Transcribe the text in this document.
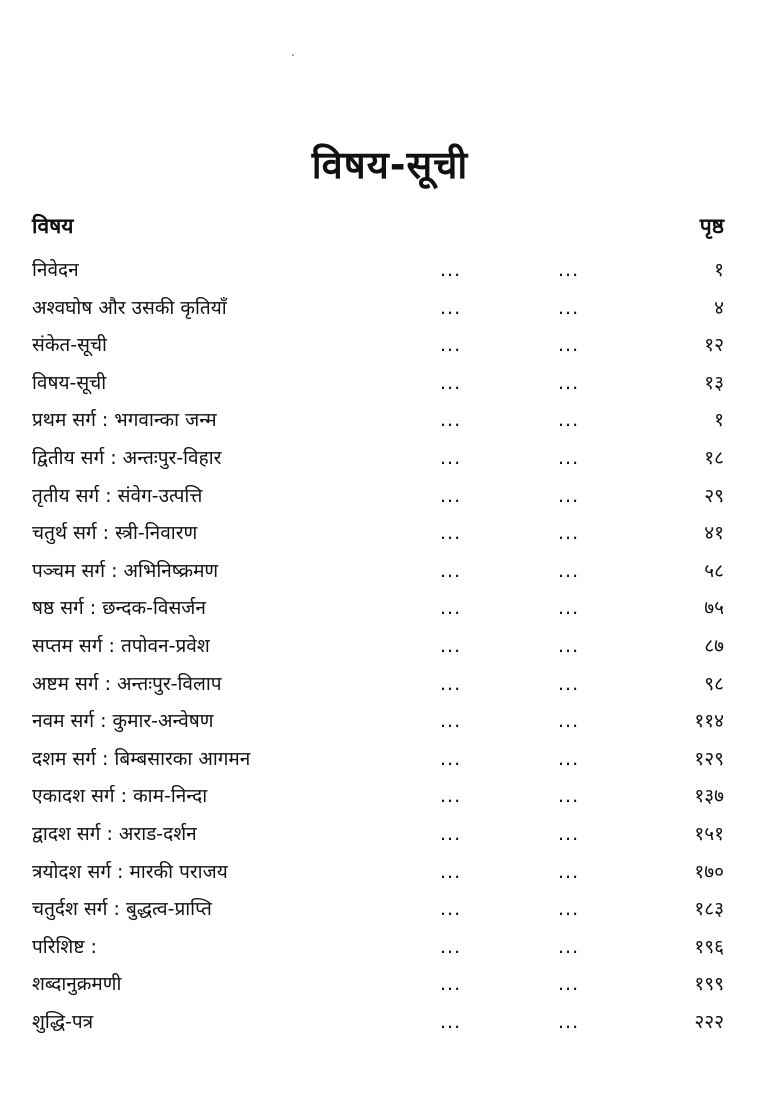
विषय-सूची
विषय	पृष्ठ
निवेदन	...	...	१
अश्वघोष और उसकी कृतियाँ	...	...	४
संकेत-सूची	...	...	१२
विषय-सूची	...	...	१३
प्रथम सर्ग : भगवान्का जन्म	...	...	१
द्वितीय सर्ग : अन्तःपुर-विहार	...	...	१८
तृतीय सर्ग : संवेग-उत्पत्ति	...	...	२९
चतुर्थ सर्ग : स्त्री-निवारण	...	...	४१
पञ्चम सर्ग : अभिनिष्क्रमण	...	...	५८
षष्ठ सर्ग : छन्दक-विसर्जन	...	...	७५
सप्तम सर्ग : तपोवन-प्रवेश	...	...	८७
अष्टम सर्ग : अन्तःपुर-विलाप	...	...	९८
नवम सर्ग : कुमार-अन्वेषण	...	...	११४
दशम सर्ग : बिम्बसारका आगमन	...	...	१२९
एकादश सर्ग : काम-निन्दा	...	...	१३७
द्वादश सर्ग : अराड-दर्शन	...	...	१५१
त्रयोदश सर्ग : मारकी पराजय	...	...	१७०
चतुर्दश सर्ग : बुद्धत्व-प्राप्ति	...	...	१८३
परिशिष्ट :	...	...	१९६
शब्दानुक्रमणी	...	...	१९९
शुद्धि-पत्र	...	...	२२२
